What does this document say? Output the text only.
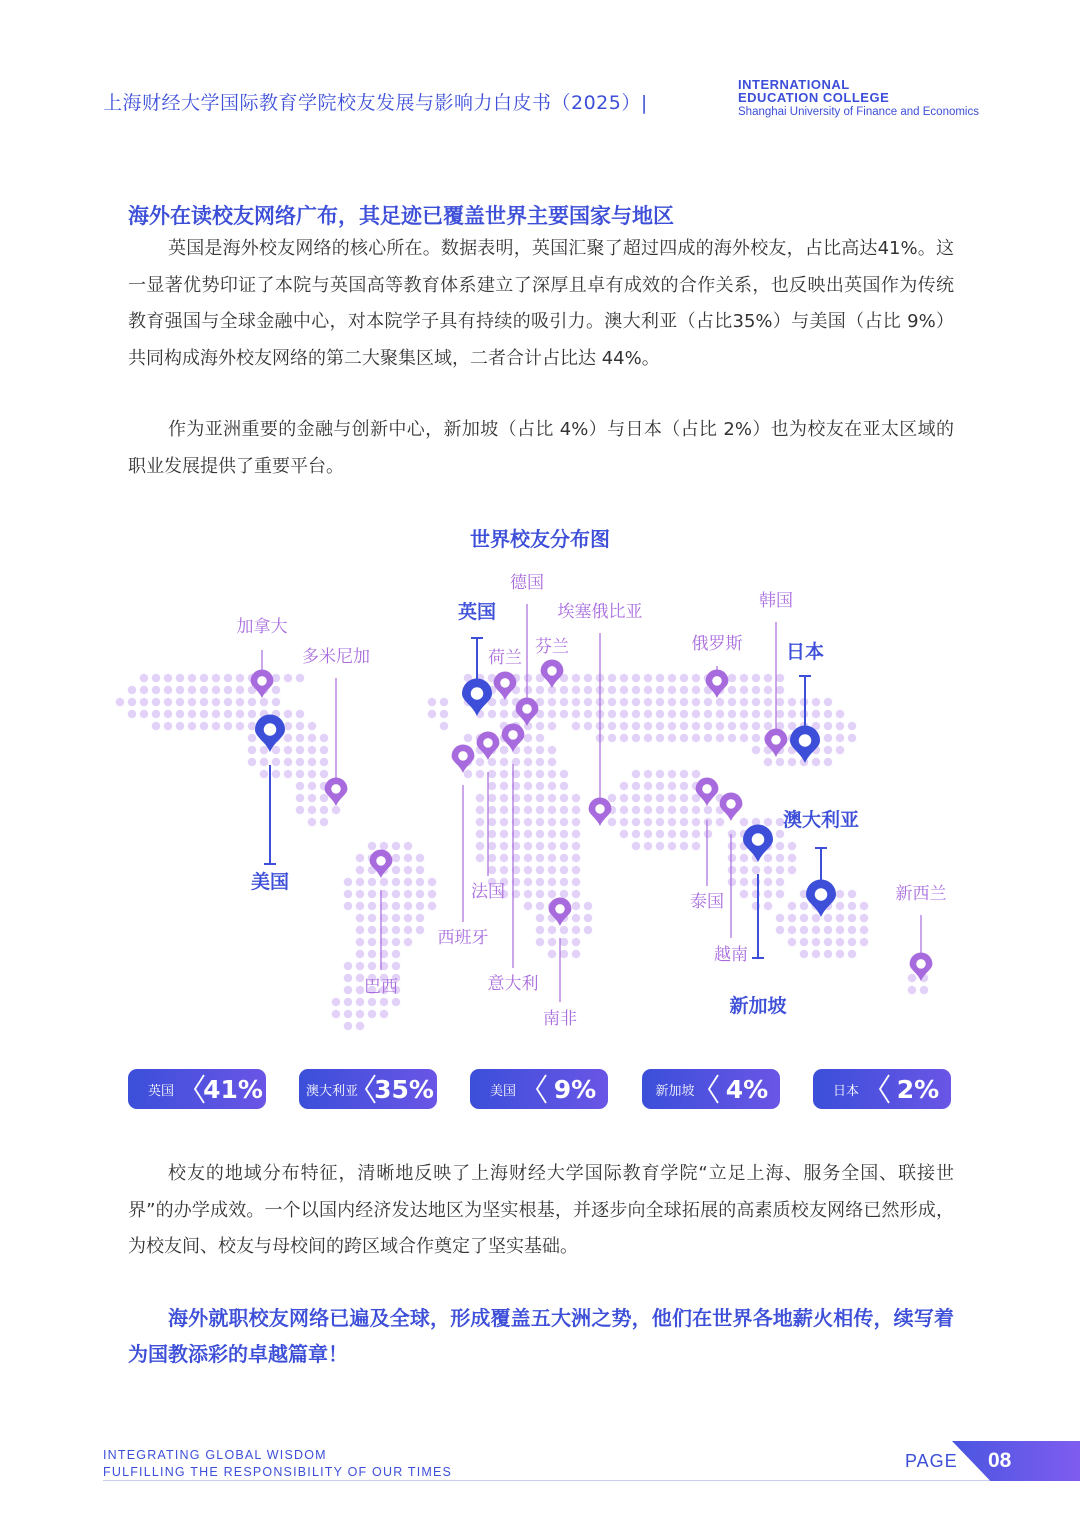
上海财经大学国际教育学院校友发展与影响力白皮书（2025）|
INTERNATIONAL
EDUCATION COLLEGE
Shanghai University of Finance and Economics
海外在读校友网络广布，其足迹已覆盖世界主要国家与地区

英国是海外校友网络的核心所在。数据表明，英国汇聚了超过四成的海外校友，占比高达41%。这一显著优势印证了本院与英国高等教育体系建立了深厚且卓有成效的合作关系，也反映出英国作为传统教育强国与全球金融中心，对本院学子具有持续的吸引力。澳大利亚（占比35%）与美国（占比 9%）共同构成海外校友网络的第二大聚集区域，二者合计占比达 44%。

作为亚洲重要的金融与创新中心，新加坡（占比 4%）与日本（占比 2%）也为校友在亚太区域的职业发展提供了重要平台。

世界校友分布图
加拿大
多米尼加
美国
巴西
英国
德国
荷兰
芬兰
埃塞俄比亚
法国
西班牙
意大利
南非
俄罗斯
韩国
日本
澳大利亚
泰国
越南
新加坡
新西兰
英国	41%	澳大利亚 35%	美国	9%	新加坡	4%	日本	2%

校友的地域分布特征，清晰地反映了上海财经大学国际教育学院“立足上海、服务全国、联接世界”的办学成效。一个以国内经济发达地区为坚实根基，并逐步向全球拓展的高素质校友网络已然形成，为校友间、校友与母校间的跨区域合作奠定了坚实基础。

海外就职校友网络已遍及全球，形成覆盖五大洲之势，他们在世界各地薪火相传，续写着为国教添彩的卓越篇章！

INTEGRATING GLOBAL WISDOM
FULFILLING THE RESPONSIBILITY OF OUR TIMES
PAGE 08
